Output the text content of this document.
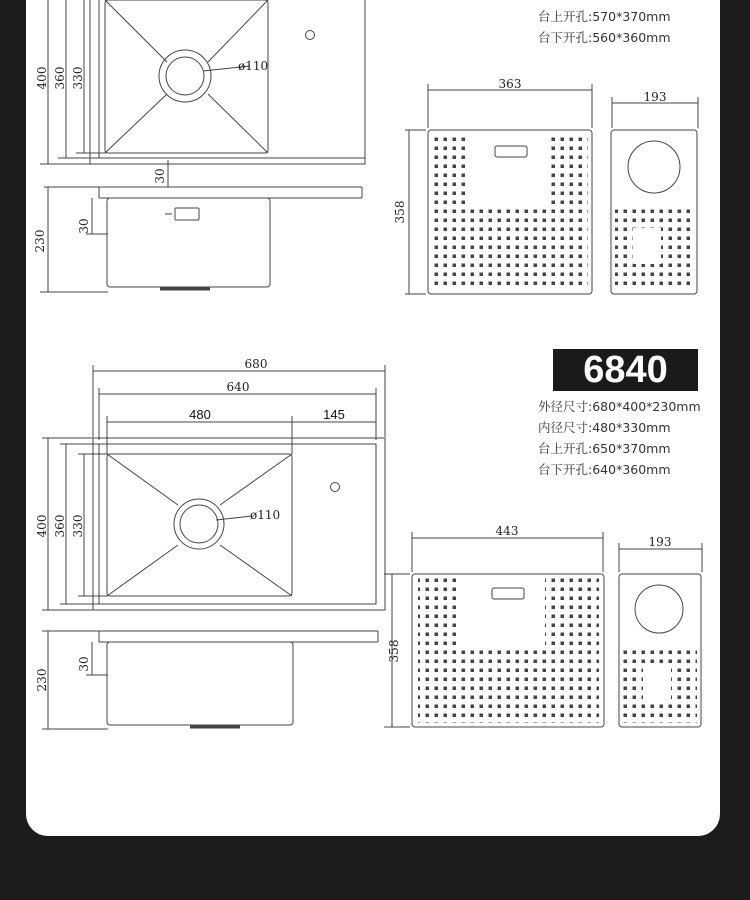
400 360 330
ø110
30
30
230
363
193
358
680
640
480	145
400 360 330	ø110
30
230
443
193
358
台上开孔:570*370mm
台下开孔:560*360mm
6840
外径尺寸:680*400*230mm
内径尺寸:480*330mm
台上开孔:650*370mm
台下开孔:640*360mm
